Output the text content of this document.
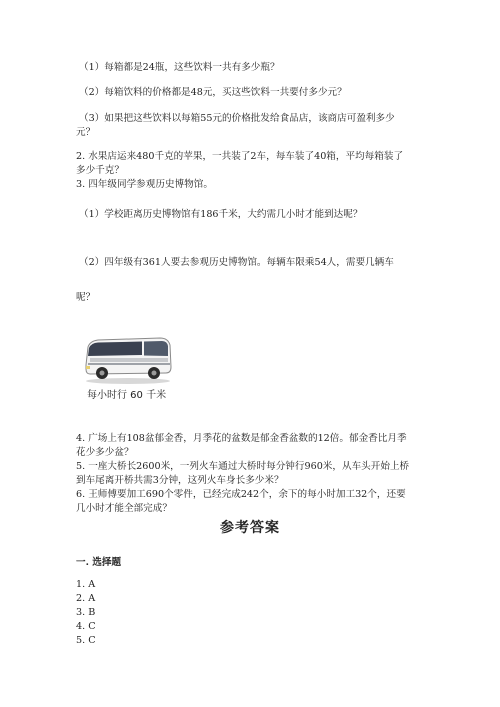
（1）每箱都是24瓶，这些饮料一共有多少瓶？
（2）每箱饮料的价格都是48元，买这些饮料一共要付多少元？
（3）如果把这些饮料以每箱55元的价格批发给食品店，该商店可盈利多少
元？
2. 水果店运来480千克的苹果，一共装了2车，每车装了40箱，平均每箱装了
多少千克？
3. 四年级同学参观历史博物馆。
（1）学校距离历史博物馆有186千米，大约需几小时才能到达呢？
（2）四年级有361人要去参观历史博物馆。每辆车限乘54人，需要几辆车
呢？
每小时行 60 千米
4. 广场上有108盆郁金香，月季花的盆数是郁金香盆数的12倍。郁金香比月季
花少多少盆？
5. 一座大桥长2600米，一列火车通过大桥时每分钟行960米，从车头开始上桥
到车尾离开桥共需3分钟，这列火车身长多少米？
6. 王师傅要加工690个零件，已经完成242个，余下的每小时加工32个，还要
几小时才能全部完成？
参考答案
一. 选择题
1. A
2. A
3. B
4. C
5. C
